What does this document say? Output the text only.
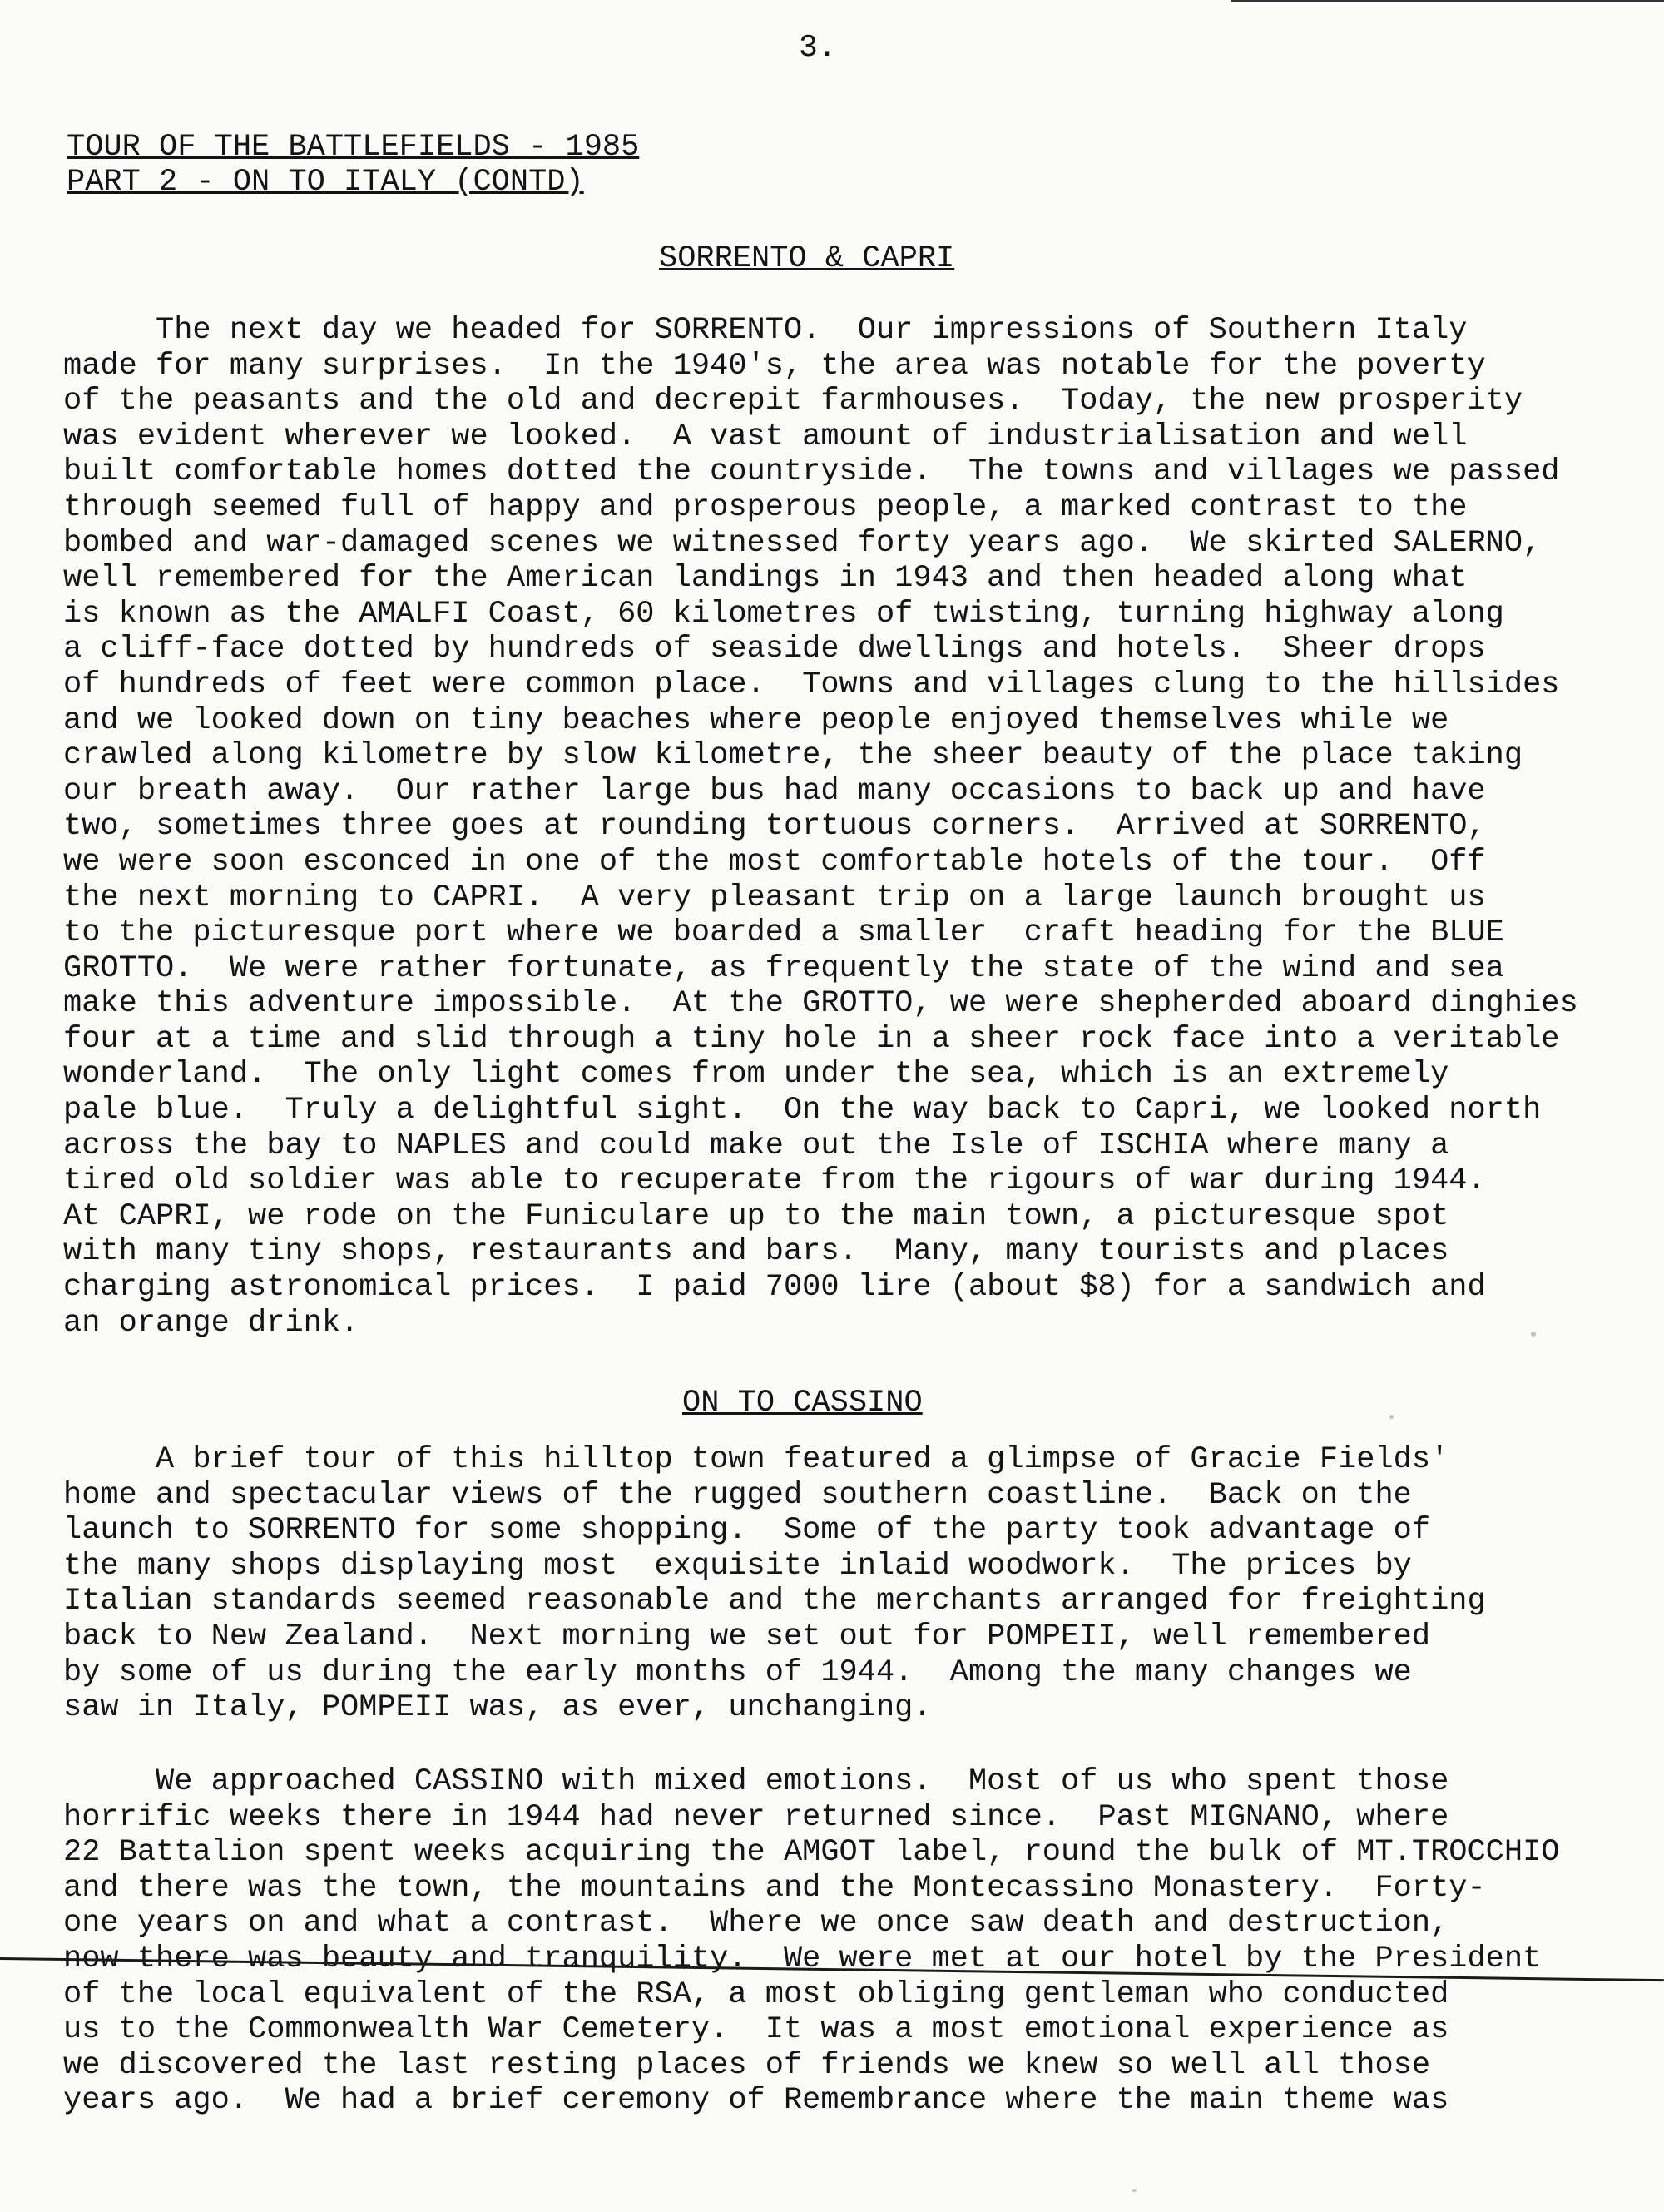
3.
TOUR OF THE BATTLEFIELDS - 1985
PART 2 - ON TO ITALY (CONTD)
SORRENTO & CAPRI
The next day we headed for SORRENTO.  Our impressions of Southern Italy
made for many surprises.  In the 1940's, the area was notable for the poverty
of the peasants and the old and decrepit farmhouses.  Today, the new prosperity
was evident wherever we looked.  A vast amount of industrialisation and well
built comfortable homes dotted the countryside.  The towns and villages we passed
through seemed full of happy and prosperous people, a marked contrast to the
bombed and war-damaged scenes we witnessed forty years ago.  We skirted SALERNO,
well remembered for the American landings in 1943 and then headed along what
is known as the AMALFI Coast, 60 kilometres of twisting, turning highway along
a cliff-face dotted by hundreds of seaside dwellings and hotels.  Sheer drops
of hundreds of feet were common place.  Towns and villages clung to the hillsides
and we looked down on tiny beaches where people enjoyed themselves while we
crawled along kilometre by slow kilometre, the sheer beauty of the place taking
our breath away.  Our rather large bus had many occasions to back up and have
two, sometimes three goes at rounding tortuous corners.  Arrived at SORRENTO,
we were soon esconced in one of the most comfortable hotels of the tour.  Off
the next morning to CAPRI.  A very pleasant trip on a large launch brought us
to the picturesque port where we boarded a smaller  craft heading for the BLUE
GROTTO.  We were rather fortunate, as frequently the state of the wind and sea
make this adventure impossible.  At the GROTTO, we were shepherded aboard dinghies
four at a time and slid through a tiny hole in a sheer rock face into a veritable
wonderland.  The only light comes from under the sea, which is an extremely
pale blue.  Truly a delightful sight.  On the way back to Capri, we looked north
across the bay to NAPLES and could make out the Isle of ISCHIA where many a
tired old soldier was able to recuperate from the rigours of war during 1944.
At CAPRI, we rode on the Funiculare up to the main town, a picturesque spot
with many tiny shops, restaurants and bars.  Many, many tourists and places
charging astronomical prices.  I paid 7000 lire (about $8) for a sandwich and
an orange drink.
ON TO CASSINO
A brief tour of this hilltop town featured a glimpse of Gracie Fields'
home and spectacular views of the rugged southern coastline.  Back on the
launch to SORRENTO for some shopping.  Some of the party took advantage of
the many shops displaying most  exquisite inlaid woodwork.  The prices by
Italian standards seemed reasonable and the merchants arranged for freighting
back to New Zealand.  Next morning we set out for POMPEII, well remembered
by some of us during the early months of 1944.  Among the many changes we
saw in Italy, POMPEII was, as ever, unchanging.
We approached CASSINO with mixed emotions.  Most of us who spent those
horrific weeks there in 1944 had never returned since.  Past MIGNANO, where
22 Battalion spent weeks acquiring the AMGOT label, round the bulk of MT.TROCCHIO
and there was the town, the mountains and the Montecassino Monastery.  Forty-
one years on and what a contrast.  Where we once saw death and destruction,
now there was beauty and tranquility.  We were met at our hotel by the President
of the local equivalent of the RSA, a most obliging gentleman who conducted
us to the Commonwealth War Cemetery.  It was a most emotional experience as
we discovered the last resting places of friends we knew so well all those
years ago.  We had a brief ceremony of Remembrance where the main theme was
